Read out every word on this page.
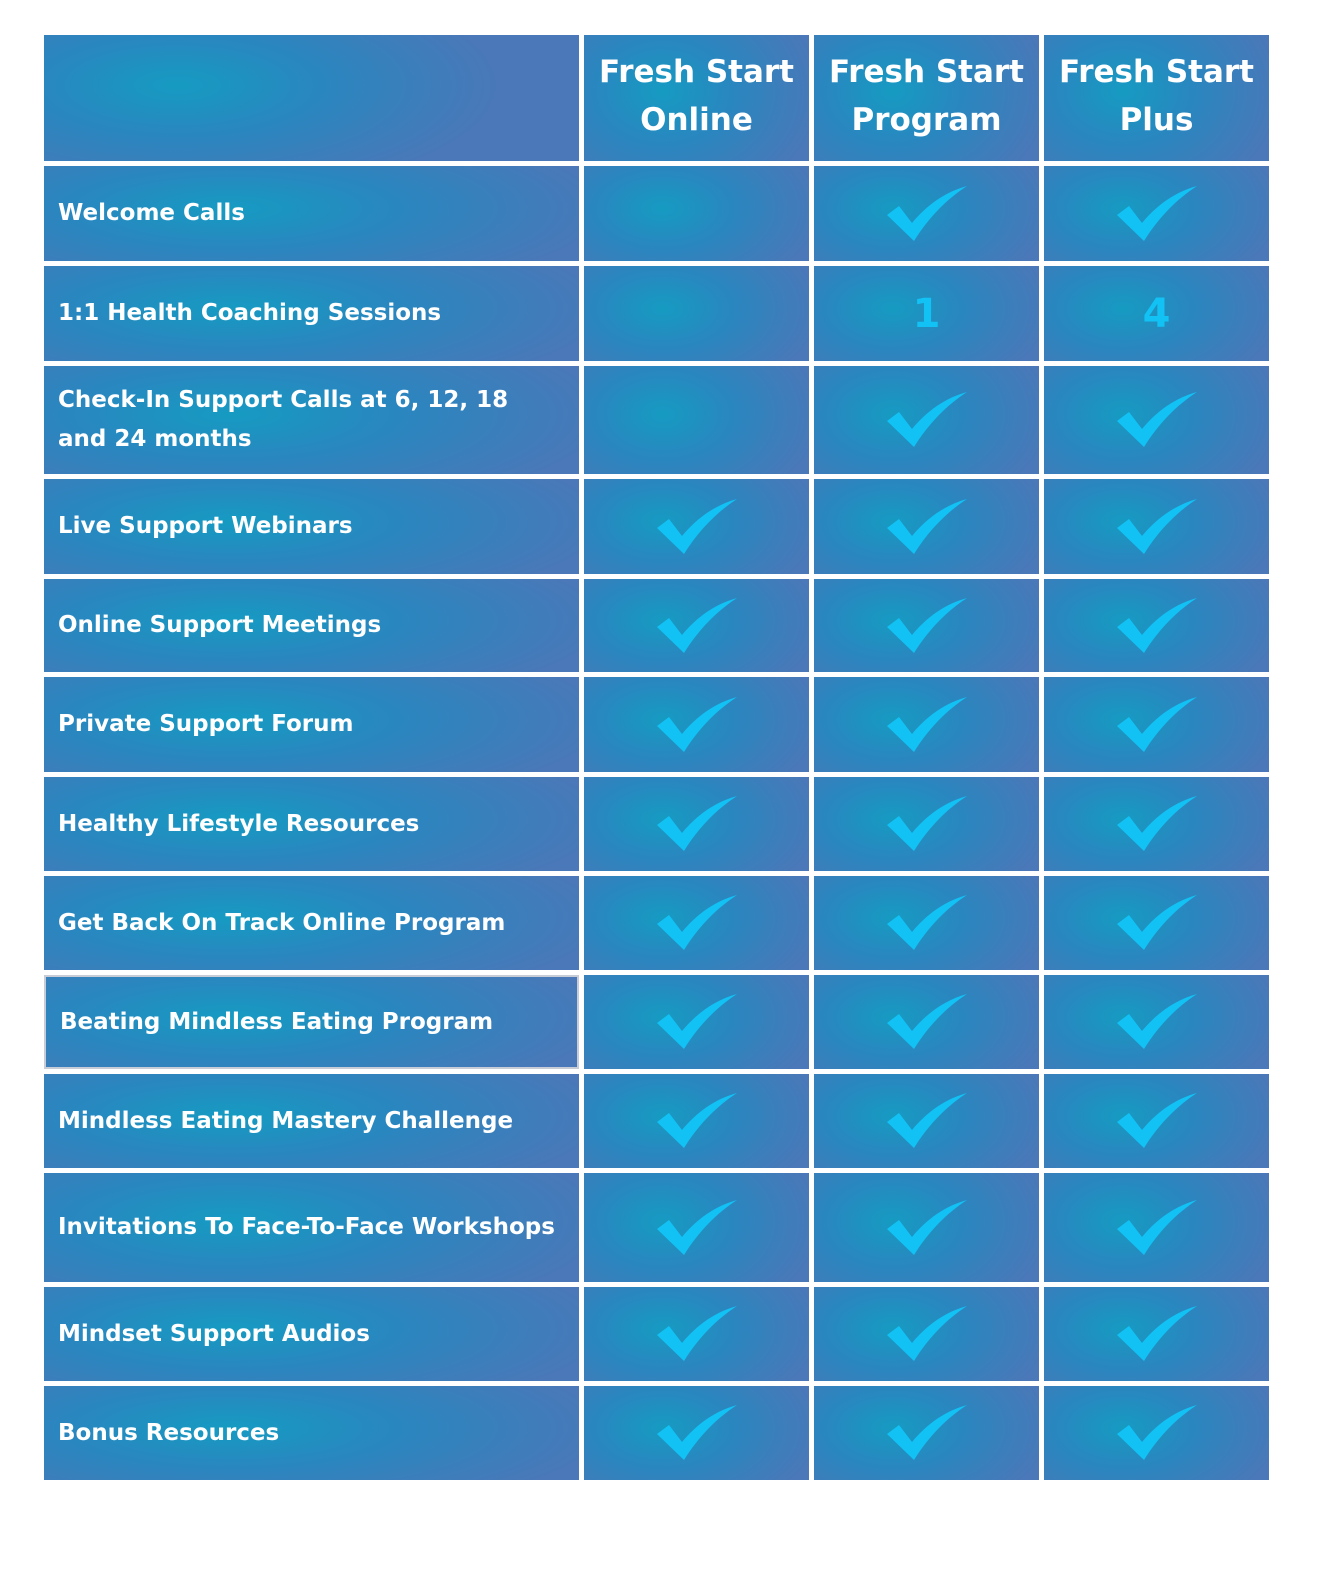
Fresh Start
Online
Fresh Start
Program
Fresh Start
Plus
Welcome Calls
1:1 Health Coaching Sessions	1	4
Check-In Support Calls at 6, 12, 18 and 24 months
Live Support Webinars
Online Support Meetings
Private Support Forum
Healthy Lifestyle Resources
Get Back On Track Online Program
Beating Mindless Eating Program
Mindless Eating Mastery Challenge
Invitations To Face-To-Face Workshops
Mindset Support Audios
Bonus Resources
